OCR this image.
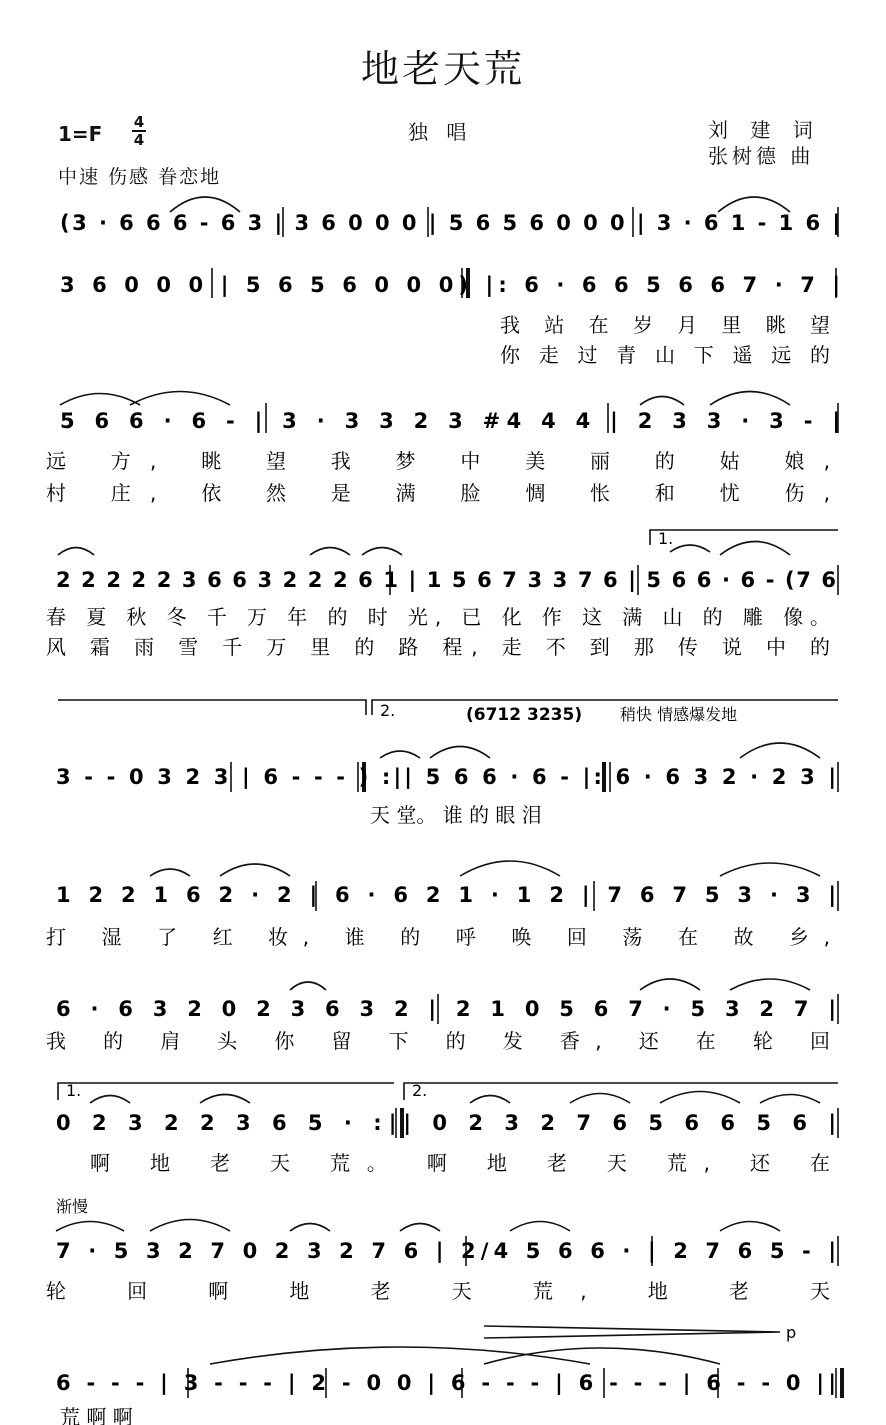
地老天荒
$1=F \frac{4}{4}$	独 唱	刘 建 词
张树德 曲
中速 伤感 眷恋地
(3 · 6 6 6 - 6 3 | 3 6 0 0 0 | 5 6 5 6 0 0 0 | 3 · 6 1 - 1 6 |
3 6 0 0 0 | 5 6 5 6 0 0 0) |: 6 · 6 6 5 6 6 7 · 7 |
我 站 在 岁 月 里 眺 望
你 走 过 青 山 下 遥 远 的
5 6 6 · 6 - | 3 · 3 3 2 3 #4 4 4 | 2 3 3 · 3 - |
远 方, 眺 望 我 梦 中 美 丽 的 姑 娘,
村 庄, 依 然 是 满 脸 惆 怅 和 忧 伤,
1.
2 2 2 2 2 3 6 6 3 2 2 2 6 1 | 1 5 6 7 3 3 7 6 | 5 6 6 · 6 - (7 6
春 夏 秋 冬 千 万 年 的 时 光, 已 化 作 这 满 山 的 雕 像。
风 霜 雨 雪 千 万 里 的 路 程, 走 不 到 那 传 说 中 的
2.	(6712 3235) 稍快 情感爆发地
3 - - 0 3 2 3 | 6 - - - ) :|| 5 6 6 · 6 - |: 6 · 6 3 2 · 2 3 |
天 堂。 谁 的 眼 泪
1 2 2 1 6 2 · 2 | 6 · 6 2 1 · 1 2 | 7 6 7 5 3 · 3 |
打 湿 了 红 妆, 谁 的 呼 唤 回 荡 在 故 乡,
6 · 6 3 2 0 2 3 6 3 2 | 2 1 0 5 6 7 · 5 3 2 7 |
我 的 肩 头 你 留 下 的 发 香, 还 在 轮 回
1.	2.
0 2 3 2 2 3 6 5 · :|| 0 2 3 2 7 6 5 6 6 5 6 |
啊 地 老 天 荒。 啊 地 老 天 荒, 还 在
渐慢
7 · 5 3 2 7 0 2 3 2 7 6 | 2/4 5 6 6 · | 2 7 6 5 - |
轮 回 啊 地 老 天 荒, 地 老 天
p
6 - - - | 3 - - - | 2 - 0 0 | 6 - - - | 6 - - - | 6 - - 0 ||
荒 啊 啊
